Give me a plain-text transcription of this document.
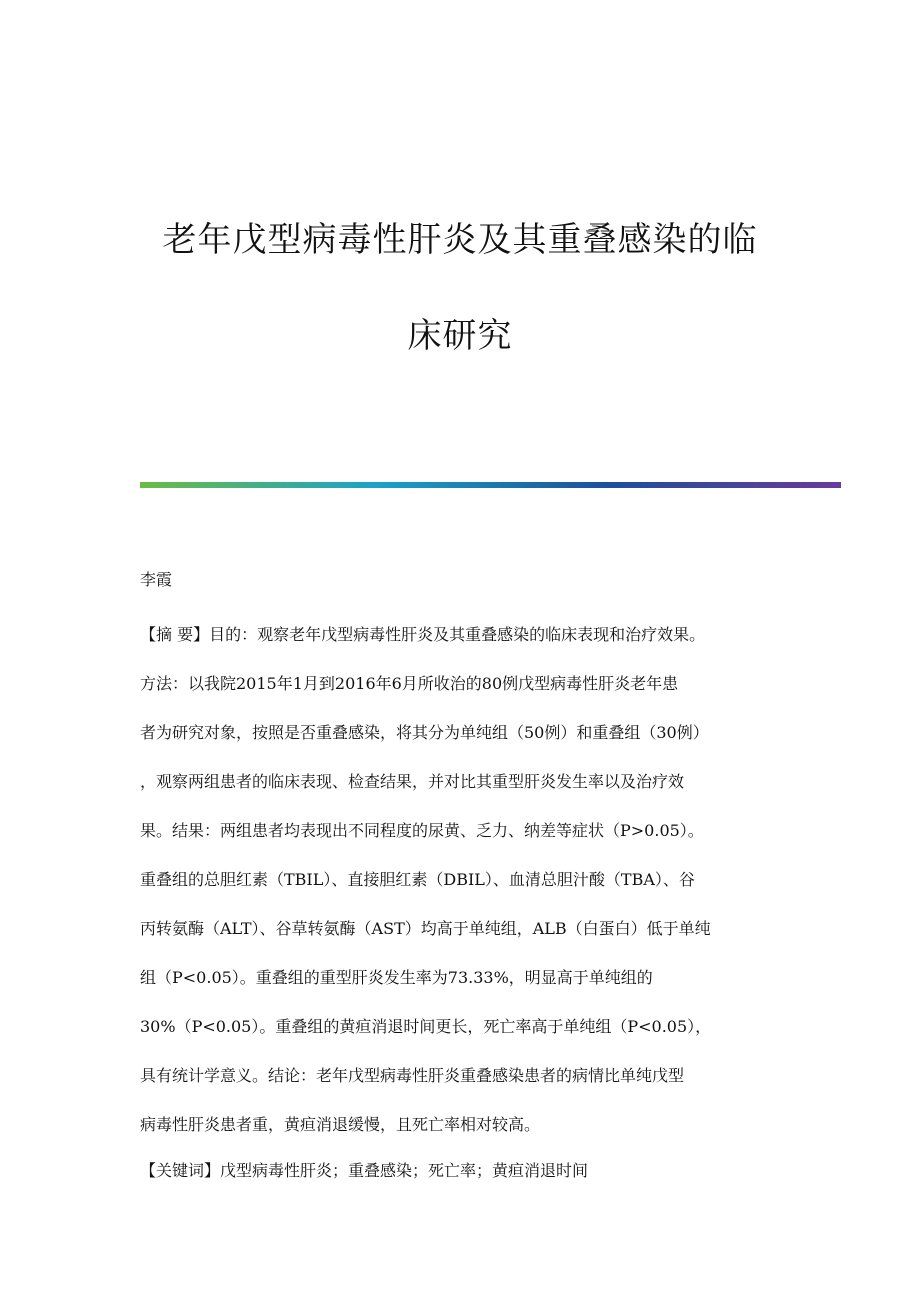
老年戊型病毒性肝炎及其重叠感染的临
床研究
李霞
【摘 要】目的：观察老年戊型病毒性肝炎及其重叠感染的临床表现和治疗效果。
方法：以我院2015年1月到2016年6月所收治的80例戊型病毒性肝炎老年患
者为研究对象，按照是否重叠感染，将其分为单纯组（50例）和重叠组（30例）
，观察两组患者的临床表现、检查结果，并对比其重型肝炎发生率以及治疗效
果。结果：两组患者均表现出不同程度的尿黄、乏力、纳差等症状（P>0.05）。
重叠组的总胆红素（TBIL）、直接胆红素（DBIL）、血清总胆汁酸（TBA）、谷
丙转氨酶（ALT）、谷草转氨酶（AST）均高于单纯组，ALB（白蛋白）低于单纯
组（P<0.05）。重叠组的重型肝炎发生率为73.33%，明显高于单纯组的
30%（P<0.05）。重叠组的黄疸消退时间更长，死亡率高于单纯组（P<0.05），
具有统计学意义。结论：老年戊型病毒性肝炎重叠感染患者的病情比单纯戊型
病毒性肝炎患者重，黄疸消退缓慢，且死亡率相对较高。
【关键词】戊型病毒性肝炎；重叠感染；死亡率；黄疸消退时间
